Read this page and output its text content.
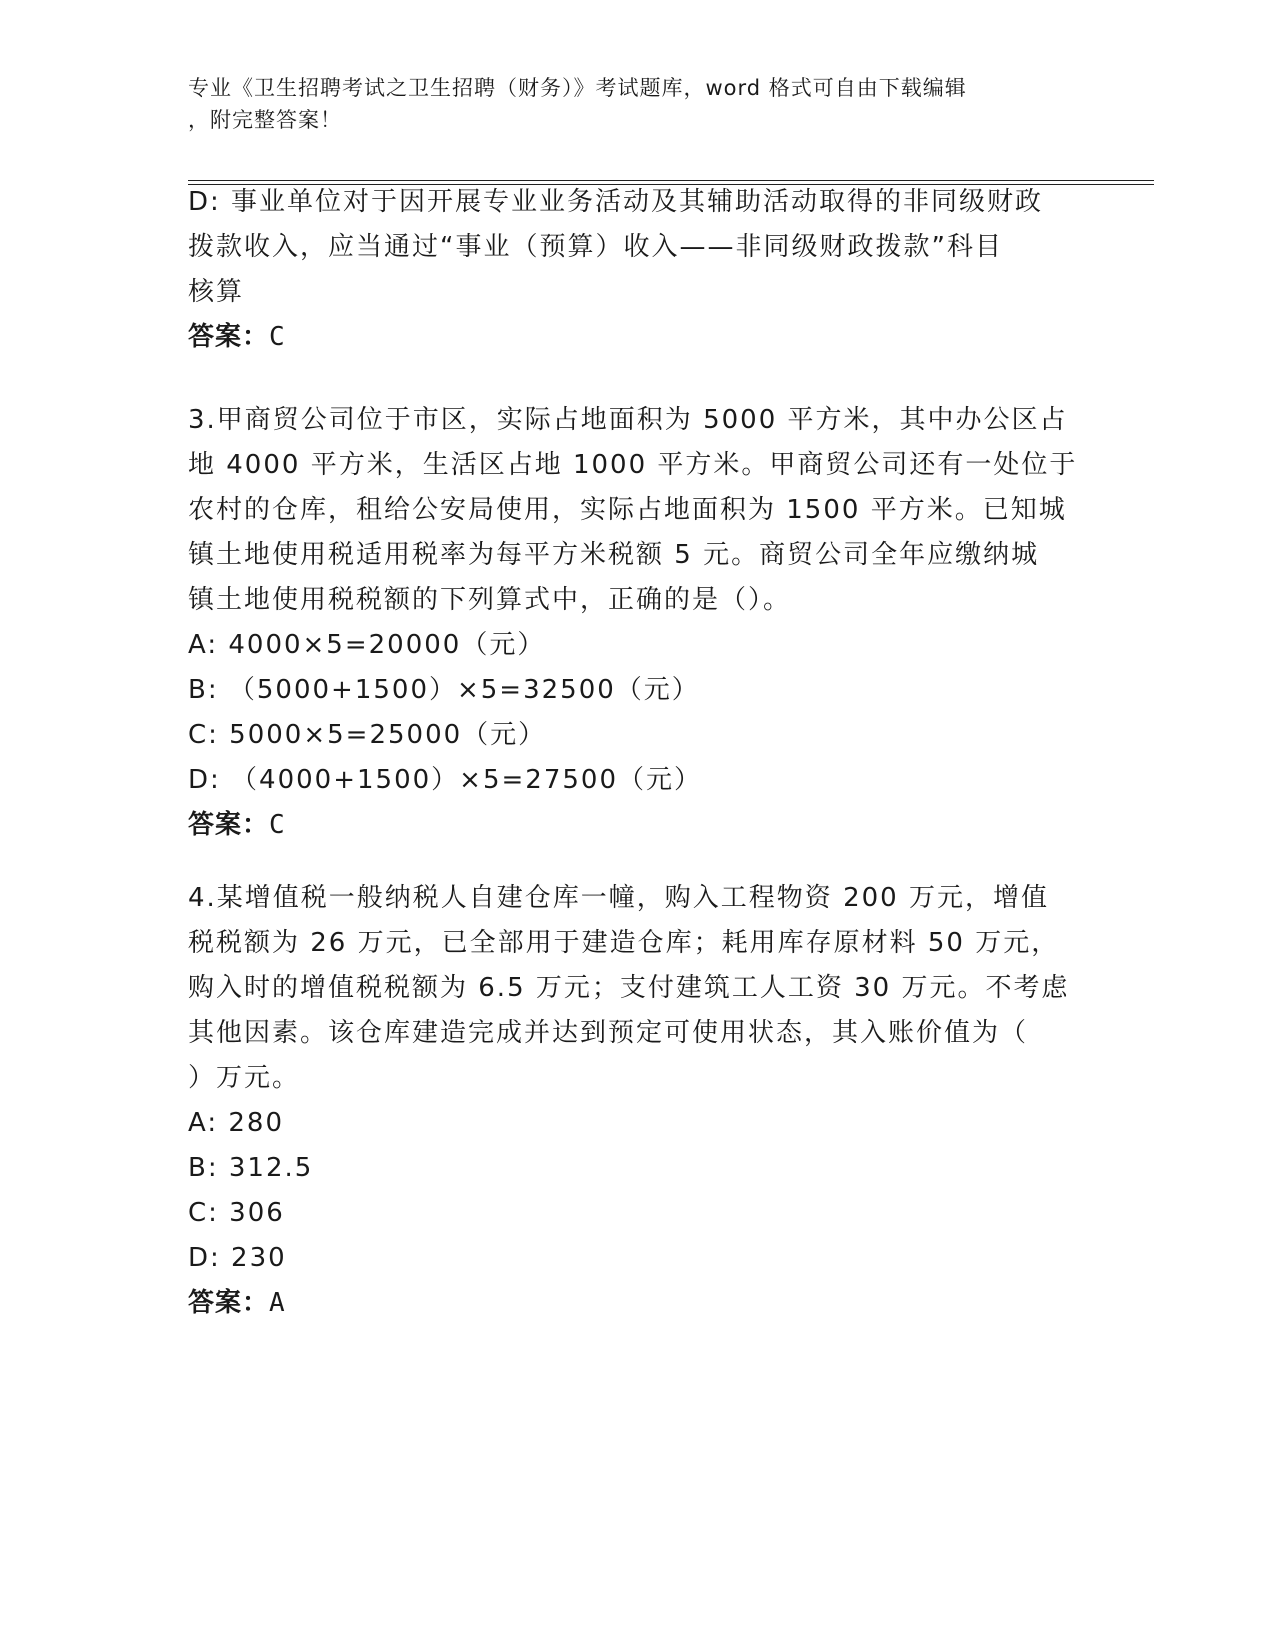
专业《卫生招聘考试之卫生招聘（财务）》考试题库，word 格式可自由下载编辑
，附完整答案！
D: 事业单位对于因开展专业业务活动及其辅助活动取得的非同级财政
拨款收入，应当通过“事业（预算）收入——非同级财政拨款”科目
核算
答案：C
3.甲商贸公司位于市区，实际占地面积为 5000 平方米，其中办公区占
地 4000 平方米，生活区占地 1000 平方米。甲商贸公司还有一处位于
农村的仓库，租给公安局使用，实际占地面积为 1500 平方米。已知城
镇土地使用税适用税率为每平方米税额 5 元。商贸公司全年应缴纳城
镇土地使用税税额的下列算式中，正确的是（）。
A: 4000×5=20000（元）
B: （5000+1500）×5=32500（元）
C: 5000×5=25000（元）
D: （4000+1500）×5=27500（元）
答案：C
4.某增值税一般纳税人自建仓库一幢，购入工程物资 200 万元，增值
税税额为 26 万元，已全部用于建造仓库；耗用库存原材料 50 万元，
购入时的增值税税额为 6.5 万元；支付建筑工人工资 30 万元。不考虑
其他因素。该仓库建造完成并达到预定可使用状态，其入账价值为（
）万元。
A: 280
B: 312.5
C: 306
D: 230
答案：A
